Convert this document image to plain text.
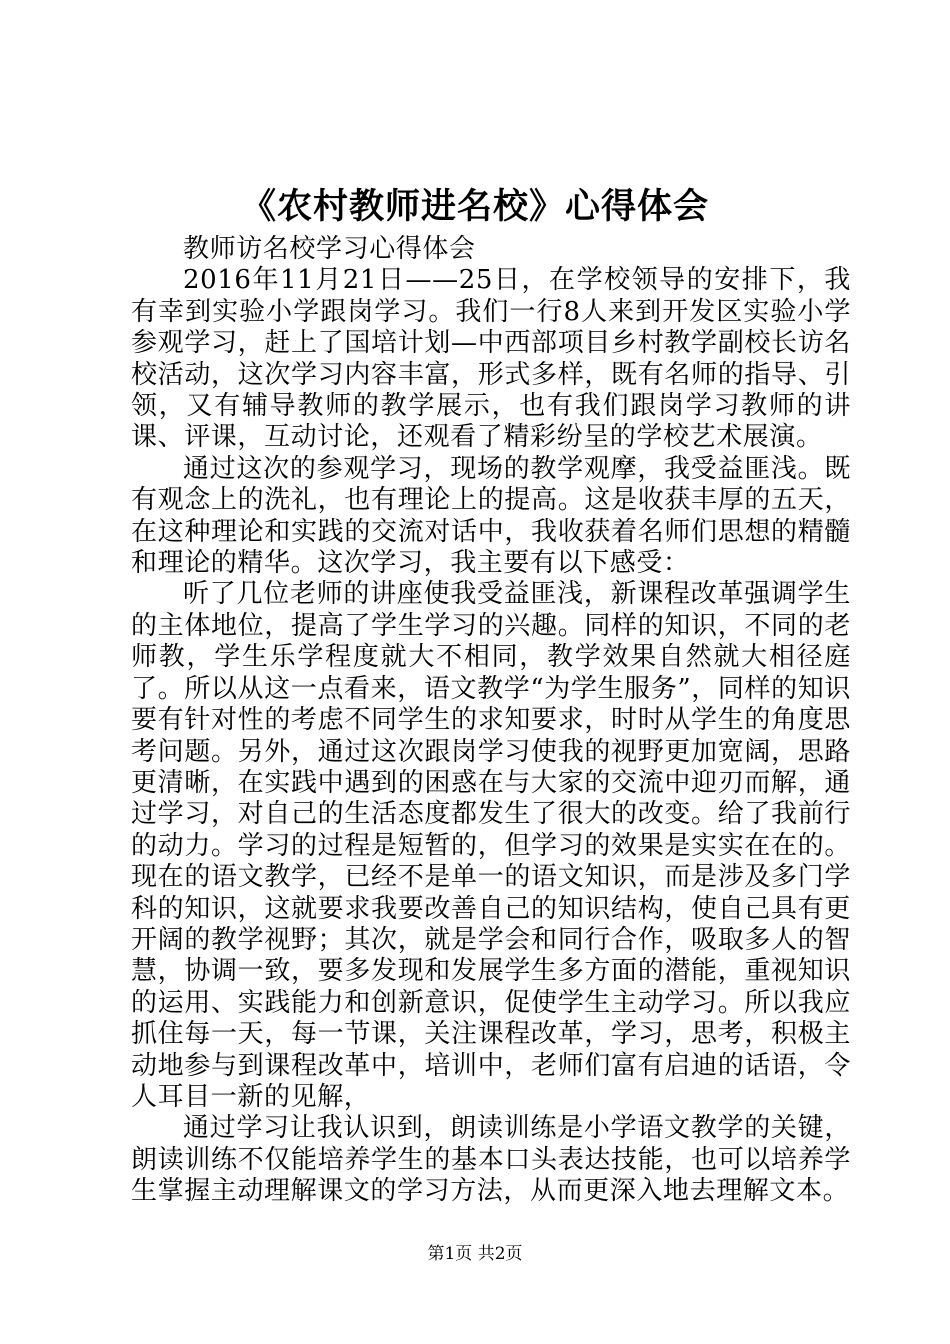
《农村教师进名校》心得体会

教师访名校学习心得体会

2016年11月21日——25日，在学校领导的安排下，我有幸到实验小学跟岗学习。我们一行8人来到开发区实验小学参观学习，赶上了国培计划—中西部项目乡村教学副校长访名校活动，这次学习内容丰富，形式多样，既有名师的指导、引领，又有辅导教师的教学展示，也有我们跟岗学习教师的讲课、评课，互动讨论，还观看了精彩纷呈的学校艺术展演。

通过这次的参观学习，现场的教学观摩，我受益匪浅。既有观念上的洗礼，也有理论上的提高。这是收获丰厚的五天，在这种理论和实践的交流对话中，我收获着名师们思想的精髓和理论的精华。这次学习，我主要有以下感受：

听了几位老师的讲座使我受益匪浅，新课程改革强调学生的主体地位，提高了学生学习的兴趣。同样的知识，不同的老师教，学生乐学程度就大不相同，教学效果自然就大相径庭了。所以从这一点看来，语文教学“为学生服务”，同样的知识要有针对性的考虑不同学生的求知要求，时时从学生的角度思考问题。另外，通过这次跟岗学习使我的视野更加宽阔，思路更清晰，在实践中遇到的困惑在与大家的交流中迎刃而解，通过学习，对自己的生活态度都发生了很大的改变。给了我前行的动力。学习的过程是短暂的，但学习的效果是实实在在的。现在的语文教学，已经不是单一的语文知识，而是涉及多门学科的知识，这就要求我要改善自己的知识结构，使自己具有更开阔的教学视野；其次，就是学会和同行合作，吸取多人的智慧，协调一致，要多发现和发展学生多方面的潜能，重视知识的运用、实践能力和创新意识，促使学生主动学习。所以我应抓住每一天，每一节课，关注课程改革，学习，思考，积极主动地参与到课程改革中，培训中，老师们富有启迪的话语，令人耳目一新的见解，

通过学习让我认识到，朗读训练是小学语文教学的关键，朗读训练不仅能培养学生的基本口头表达技能，也可以培养学生掌握主动理解课文的学习方法，从而更深入地去理解文本。

第1页 共2页
